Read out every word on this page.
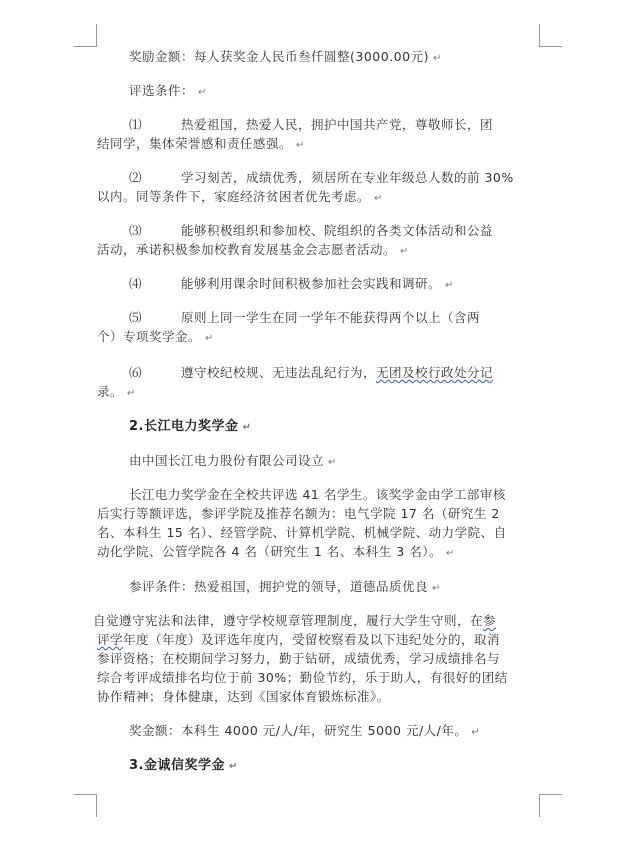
奖励金额：每人获奖金人民币叁仟圆整(3000.00元) ↵
评选条件： ↵
⑴	热爱祖国，热爱人民，拥护中国共产党，尊敬师长，团
结同学，集体荣誉感和责任感强。 ↵
⑵	学习刻苦，成绩优秀，须居所在专业年级总人数的前 30%
以内。同等条件下，家庭经济贫困者优先考虑。 ↵
⑶	能够积极组织和参加校、院组织的各类文体活动和公益
活动，承诺积极参加校教育发展基金会志愿者活动。 ↵
⑷	能够利用课余时间积极参加社会实践和调研。 ↵
⑸	原则上同一学生在同一学年不能获得两个以上（含两
个）专项奖学金。 ↵
⑹	遵守校纪校规、无违法乱纪行为，无团及校行政处分记
录。 ↵
2.长江电力奖学金 ↵
由中国长江电力股份有限公司设立 ↵
长江电力奖学金在全校共评选 41 名学生。该奖学金由学工部审核
后实行等额评选，参评学院及推荐名额为：电气学院 17 名（研究生 2
名、本科生 15 名）、经管学院、计算机学院、机械学院、动力学院、自
动化学院、公管学院各 4 名（研究生 1 名、本科生 3 名）。 ↵
参评条件：热爱祖国，拥护党的领导，道德品质优良 ↵
自觉遵守宪法和法律，遵守学校规章管理制度，履行大学生守则，在参
评学年度（年度）及评选年度内，受留校察看及以下违纪处分的，取消
参评资格；在校期间学习努力，勤于钻研，成绩优秀，学习成绩排名与
综合考评成绩排名均位于前 30%；勤俭节约，乐于助人，有很好的团结
协作精神；身体健康，达到《国家体育锻炼标准》。
奖金额：本科生 4000 元/人/年，研究生 5000 元/人/年。 ↵
3.金诚信奖学金 ↵
